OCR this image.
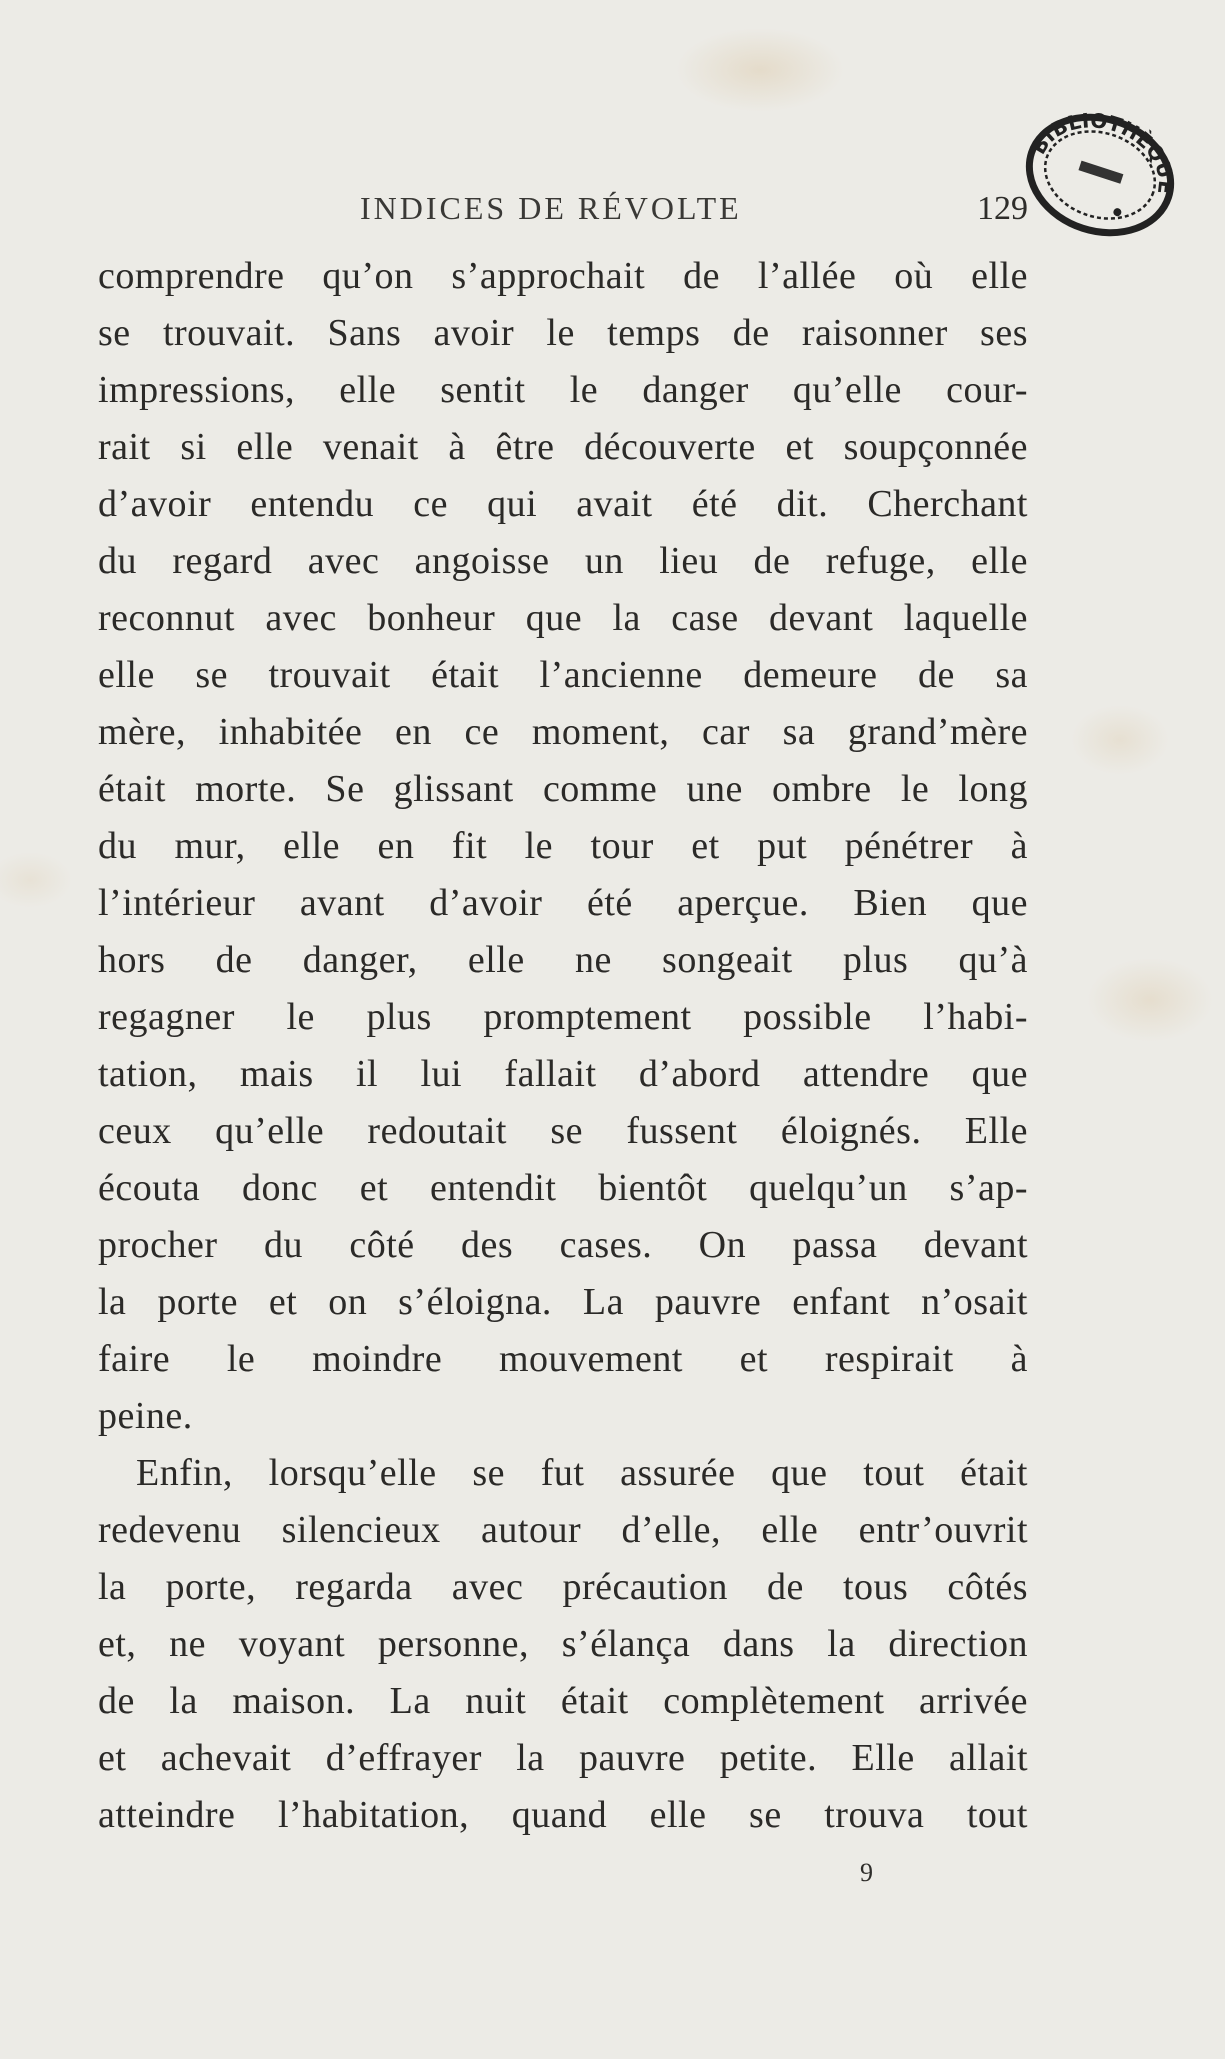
INDICES DE RÉVOLTE	129
BIBLIOTHÈQUE
comprendre qu’on s’approchait de l’allée où elle
se trouvait. Sans avoir le temps de raisonner ses
impressions, elle sentit le danger qu’elle cour-
rait si elle venait à être découverte et soupçonnée
d’avoir entendu ce qui avait été dit. Cherchant
du regard avec angoisse un lieu de refuge, elle
reconnut avec bonheur que la case devant laquelle
elle se trouvait était l’ancienne demeure de sa
mère, inhabitée en ce moment, car sa grand’mère
était morte. Se glissant comme une ombre le long
du mur, elle en fit le tour et put pénétrer à
l’intérieur avant d’avoir été aperçue. Bien que
hors de danger, elle ne songeait plus qu’à
regagner le plus promptement possible l’habi-
tation, mais il lui fallait d’abord attendre que
ceux qu’elle redoutait se fussent éloignés. Elle
écouta donc et entendit bientôt quelqu’un s’ap-
procher du côté des cases. On passa devant
la porte et on s’éloigna. La pauvre enfant n’osait
faire le moindre mouvement et respirait à
peine.
Enfin, lorsqu’elle se fut assurée que tout était
redevenu silencieux autour d’elle, elle entr’ouvrit
la porte, regarda avec précaution de tous côtés
et, ne voyant personne, s’élança dans la direction
de la maison. La nuit était complètement arrivée
et achevait d’effrayer la pauvre petite. Elle allait
atteindre l’habitation, quand elle se trouva tout
9
